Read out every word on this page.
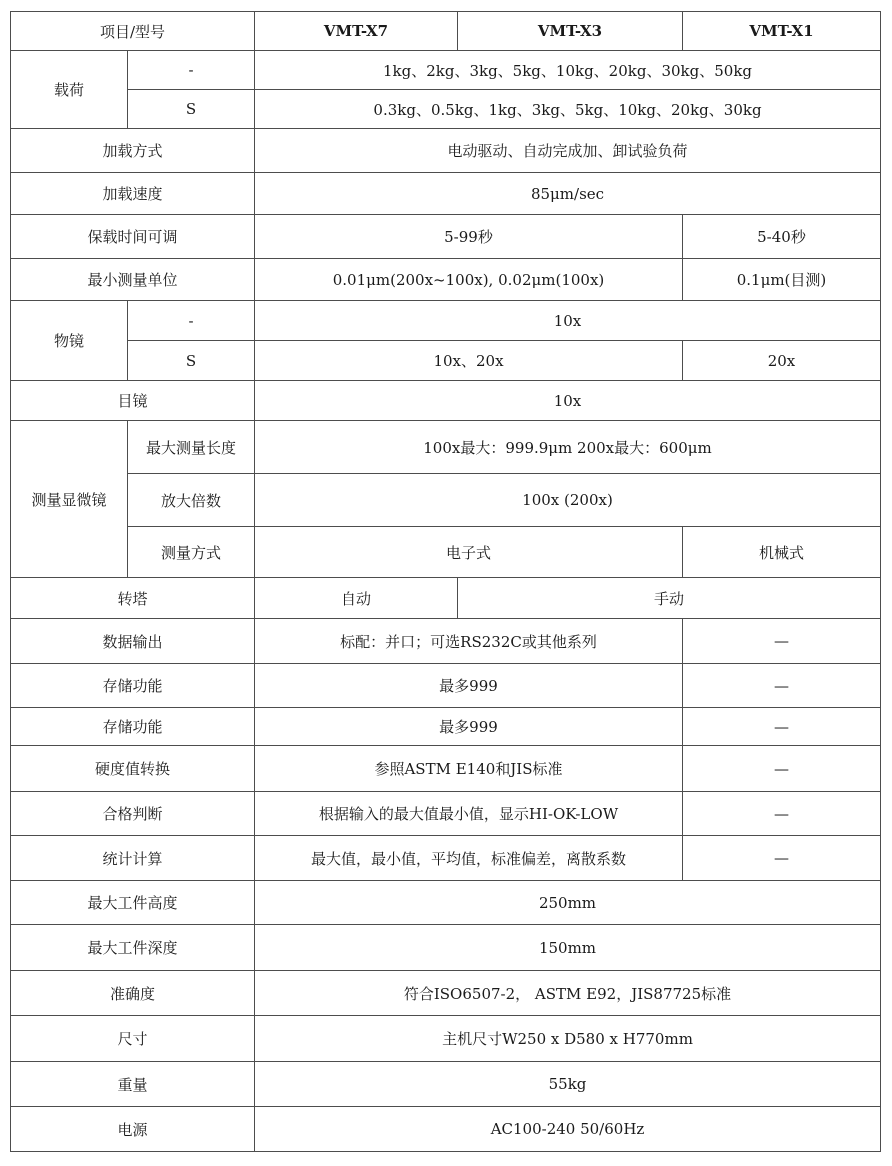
项目/型号		VMT-X7	VMT-X3	VMT-X1
载荷	-	1kg、2kg、3kg、5kg、10kg、20kg、30kg、50kg		
	S	0.3kg、0.5kg、1kg、3kg、5kg、10kg、20kg、30kg		
加载方式		电动驱动、自动完成加、卸试验负荷		
加载速度		85μm/sec		
保载时间可调		5-99秒		5-40秒
最小测量单位		0.01μm(200x~100x), 0.02μm(100x)		0.1μm(目测)
物镜	-	10x		
	S	10x、20x		20x
目镜		10x		
测量显微镜	最大测量长度	100x最大：999.9μm 200x最大：600μm		
	放大倍数	100x (200x)		
	测量方式	电子式		机械式
转塔		自动	手动	
数据输出		标配：并口；可选RS232C或其他系列		—
存储功能		最多999		—
存储功能		最多999		—
硬度值转换		参照ASTM E140和JIS标准		—
合格判断		根据输入的最大值最小值，显示HI-OK-LOW		—
统计计算		最大值，最小值，平均值，标准偏差，离散系数		—
最大工件高度		250mm		
最大工件深度		150mm		
准确度		符合ISO6507-2， ASTM E92，JIS87725标准		
尺寸		主机尺寸W250 x D580 x H770mm		
重量		55kg		
电源		AC100-240 50/60Hz		
